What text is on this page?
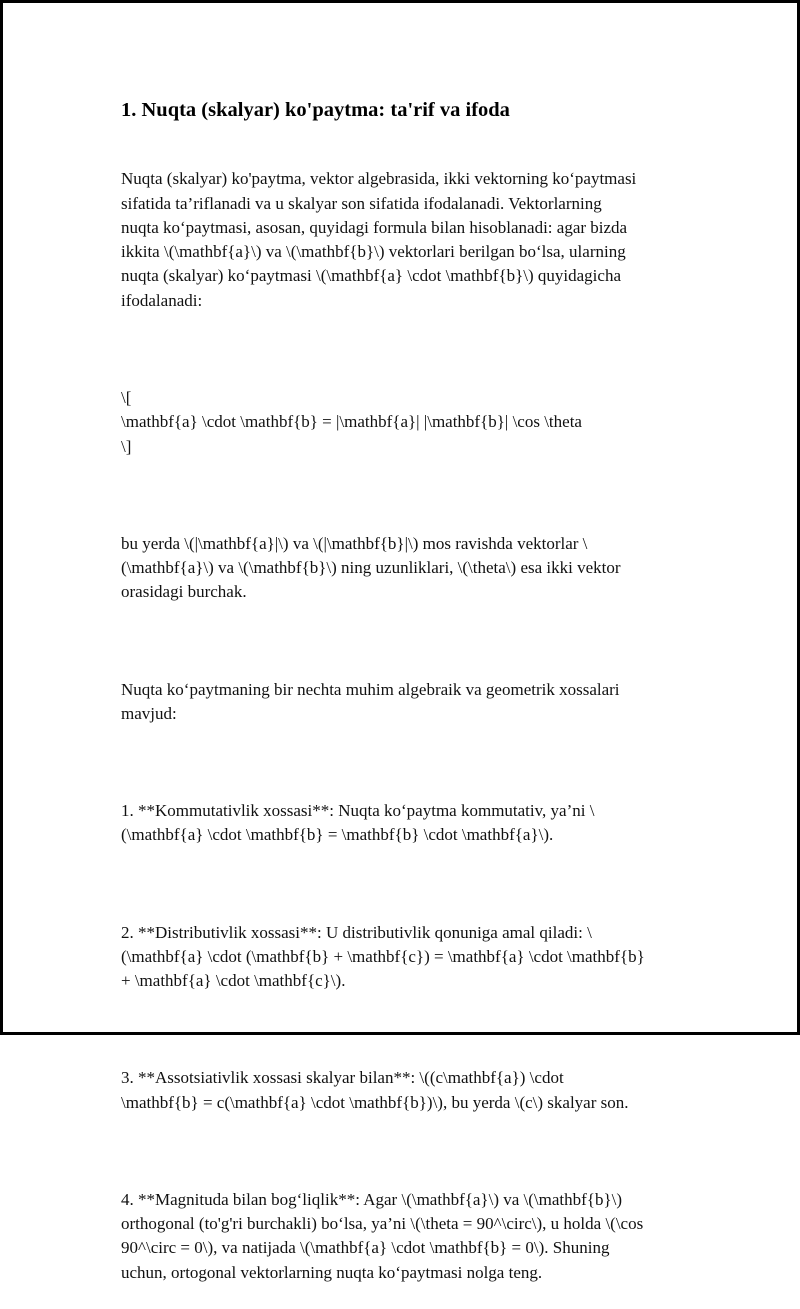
1. Nuqta (skalyar) ko'paytma: ta'rif va ifoda

Nuqta (skalyar) ko'paytma, vektor algebrasida, ikki vektorning ko‘paytmasi
sifatida ta’riflanadi va u skalyar son sifatida ifodalanadi. Vektorlarning
nuqta ko‘paytmasi, asosan, quyidagi formula bilan hisoblanadi: agar bizda
ikkita \(\mathbf{a}\) va \(\mathbf{b}\) vektorlari berilgan bo‘lsa, ularning
nuqta (skalyar) ko‘paytmasi \(\mathbf{a} \cdot \mathbf{b}\) quyidagicha
ifodalanadi:

\[
\mathbf{a} \cdot \mathbf{b} = |\mathbf{a}| |\mathbf{b}| \cos \theta
\]

bu yerda \(|\mathbf{a}|\) va \(|\mathbf{b}|\) mos ravishda vektorlar \
(\mathbf{a}\) va \(\mathbf{b}\) ning uzunliklari, \(\theta\) esa ikki vektor
orasidagi burchak.

Nuqta ko‘paytmaning bir nechta muhim algebraik va geometrik xossalari
mavjud:

1. **Kommutativlik xossasi**: Nuqta ko‘paytma kommutativ, ya’ni \
(\mathbf{a} \cdot \mathbf{b} = \mathbf{b} \cdot \mathbf{a}\).

2. **Distributivlik xossasi**: U distributivlik qonuniga amal qiladi: \
(\mathbf{a} \cdot (\mathbf{b} + \mathbf{c}) = \mathbf{a} \cdot \mathbf{b}
+ \mathbf{a} \cdot \mathbf{c}\).

3. **Assotsiativlik xossasi skalyar bilan**: \((c\mathbf{a}) \cdot
\mathbf{b} = c(\mathbf{a} \cdot \mathbf{b})\), bu yerda \(c\) skalyar son.

4. **Magnituda bilan bog‘liqlik**: Agar \(\mathbf{a}\) va \(\mathbf{b}\)
orthogonal (to'g'ri burchakli) bo‘lsa, ya’ni \(\theta = 90^\circ\), u holda \(\cos
90^\circ = 0\), va natijada \(\mathbf{a} \cdot \mathbf{b} = 0\). Shuning
uchun, ortogonal vektorlarning nuqta ko‘paytmasi nolga teng.
